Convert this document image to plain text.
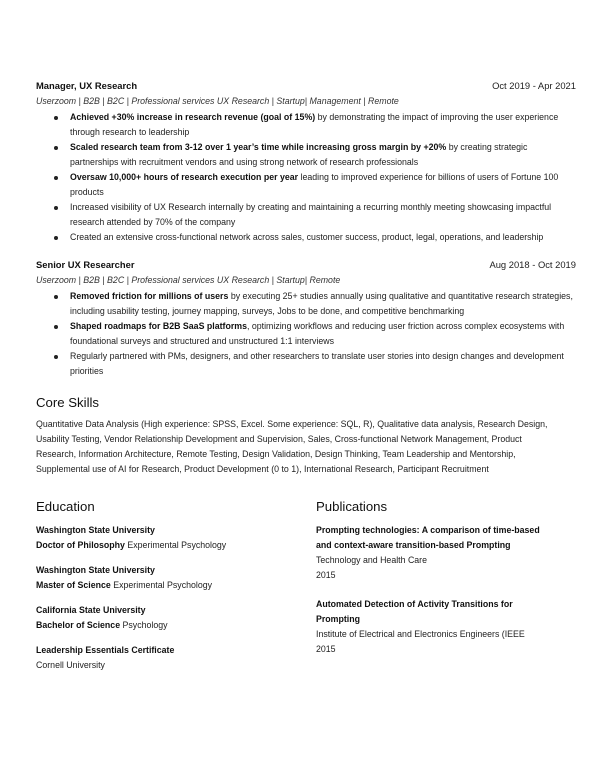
Manager, UX Research	Oct 2019 - Apr 2021
Userzoom | B2B | B2C | Professional services UX Research | Startup| Management | Remote
Achieved +30% increase in research revenue (goal of 15%) by demonstrating the impact of improving the user experience through research to leadership
Scaled research team from 3-12 over 1 year’s time while increasing gross margin by +20% by creating strategic partnerships with recruitment vendors and using strong network of research professionals
Oversaw 10,000+ hours of research execution per year leading to improved experience for billions of users of Fortune 100 products
Increased visibility of UX Research internally by creating and maintaining a recurring monthly meeting showcasing impactful research attended by 70% of the company
Created an extensive cross-functional network across sales, customer success, product, legal, operations, and leadership
Senior UX Researcher	Aug 2018 - Oct 2019
Userzoom | B2B | B2C | Professional services UX Research | Startup| Remote
Removed friction for millions of users by executing 25+ studies annually using qualitative and quantitative research strategies, including usability testing, journey mapping, surveys, Jobs to be done, and competitive benchmarking
Shaped roadmaps for B2B SaaS platforms, optimizing workflows and reducing user friction across complex ecosystems with foundational surveys and structured and unstructured 1:1 interviews
Regularly partnered with PMs, designers, and other researchers to translate user stories into design changes and development priorities
Core Skills
Quantitative Data Analysis (High experience: SPSS, Excel. Some experience: SQL, R), Qualitative data analysis, Research Design, Usability Testing, Vendor Relationship Development and Supervision, Sales, Cross-functional Network Management, Product Research, Information Architecture, Remote Testing, Design Validation, Design Thinking, Team Leadership and Mentorship, Supplemental use of AI for Research, Product Development (0 to 1), International Research, Participant Recruitment
Education
Washington State University
Doctor of Philosophy Experimental Psychology
Washington State University
Master of Science Experimental Psychology
California State University
Bachelor of Science Psychology
Leadership Essentials Certificate
Cornell University
Publications
Prompting technologies: A comparison of time-based and context-aware transition-based Prompting
Technology and Health Care
2015
Automated Detection of Activity Transitions for Prompting
Institute of Electrical and Electronics Engineers (IEEE
2015
